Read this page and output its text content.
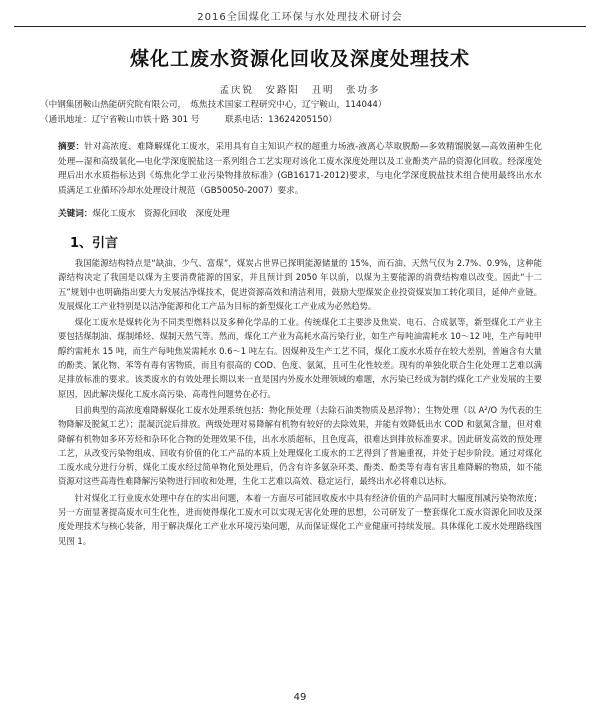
2016全国煤化工环保与水处理技术研讨会
煤化工废水资源化回收及深度处理技术
孟庆锐　安路阳　丑明　张功多
（中钢集团鞍山热能研究院有限公司，　炼焦技术国家工程研究中心，辽宁鞍山，114044）
（通讯地址：辽宁省鞍山市铁十路 301 号　　　联系电话：13624205150）
摘要：针对高浓度、难降解煤化工废水，采用具有自主知识产权的超重力场液-液离心萃取脱酚—多效精馏脱氨—高效菌种生化处理—湿和高级氧化—电化学深度脱盐这一系列组合工艺实现对该化工废水深度处理以及工业酚类产品的资源化回收。经深度处理后出水水质指标达到《炼焦化学工业污染物排放标准》(GB16171-2012)要求，与电化学深度脱盐技术组合使用最终出水水质满足工业循环冷却水处理设计规范（GB50050-2007）要求。
关键词：煤化工废水　资源化回收　深度处理
1、引言

我国能源结构特点是“缺油、少气、富煤”，煤炭占世界已探明能源储量的 15%，而石油、天然气仅为 2.7%、0.9%，这种能源结构决定了我国是以煤为主要消费能源的国家，并且预计到 2050 年以前，以煤为主要能源的消费结构难以改变。因此“十二五”规划中也明确指出要大力发展洁净煤技术，促进资源高效和清洁利用，鼓励大型煤炭企业投资煤炭加工转化项目，延伸产业链。发展煤化工产业特别是以洁净能源和化工产品为目标的新型煤化工产业成为必然趋势。

煤化工废水是煤转化为不同类型燃料以及多种化学品的工业。传统煤化工主要涉及焦炭、电石、合成氨等，新型煤化工产业主要包括煤制油、煤制烯烃、煤制天然气等。然而，煤化工产业为高耗水高污染行业，如生产每吨油需耗水 10～12 吨，生产每吨甲醇约需耗水 15 吨，而生产每吨焦炭需耗水 0.6～1 吨左右。因煤种及生产工艺不同，煤化工废水水质存在较大差别，普遍含有大量的酚类、氰化物、苯等有毒有害物质，而且有很高的 COD、色度、氨氮，且可生化性较差。现有的单独化联合生化处理工艺难以满足排放标准的要求。该类废水的有效处理长期以来一直是国内外废水处理领域的难题，水污染已经成为制约煤化工产业发展的主要原因，因此解决煤化工废水高污染、高毒性问题势在必行。

目前典型的高浓度难降解煤化工废水处理系统包括：物化预处理（去除石油类物质及悬浮物）；生物处理（以 A²/O 为代表的生物降解及脱氮工艺）；混凝沉淀后排放。两级处理对易降解有机物有较好的去除效果，并能有效降低出水 COD 和氨氮含量，但对难降解有机物如多环芳烃和杂环化合物的处理效果不佳，出水水质超标，且色度高，很难达到排放标准要求。因此研发高效的预处理工艺，从改变污染物组成、回收有价值的化工产品的本质上处理煤化工废水的工艺得到了普遍重视，并处于起步阶段。通过对煤化工废水成分进行分析，煤化工废水经过简单物化预处理后，仍含有许多氨杂环类、酚类、酚类等有毒有害且难降解的物质，如不能资源对这些高毒性难降解污染物进行回收和处理，生化工艺难以高效、稳定运行，最终出水必将难以达标。

针对煤化工行业废水处理中存在的实出问题，本着一方面尽可能回收废水中具有经济价值的产品同时大幅度削减污染物浓度；另一方面显著提高废水可生化性，进而使得煤化工废水可以实现无害化处理的思想，公司研发了一整套煤化工废水资源化回收及深度处理技术与核心装备，用于解决煤化工产业水环境污染问题，从而保证煤化工产业健康可持续发展。具体煤化工废水处理路线图见图 1。

49
